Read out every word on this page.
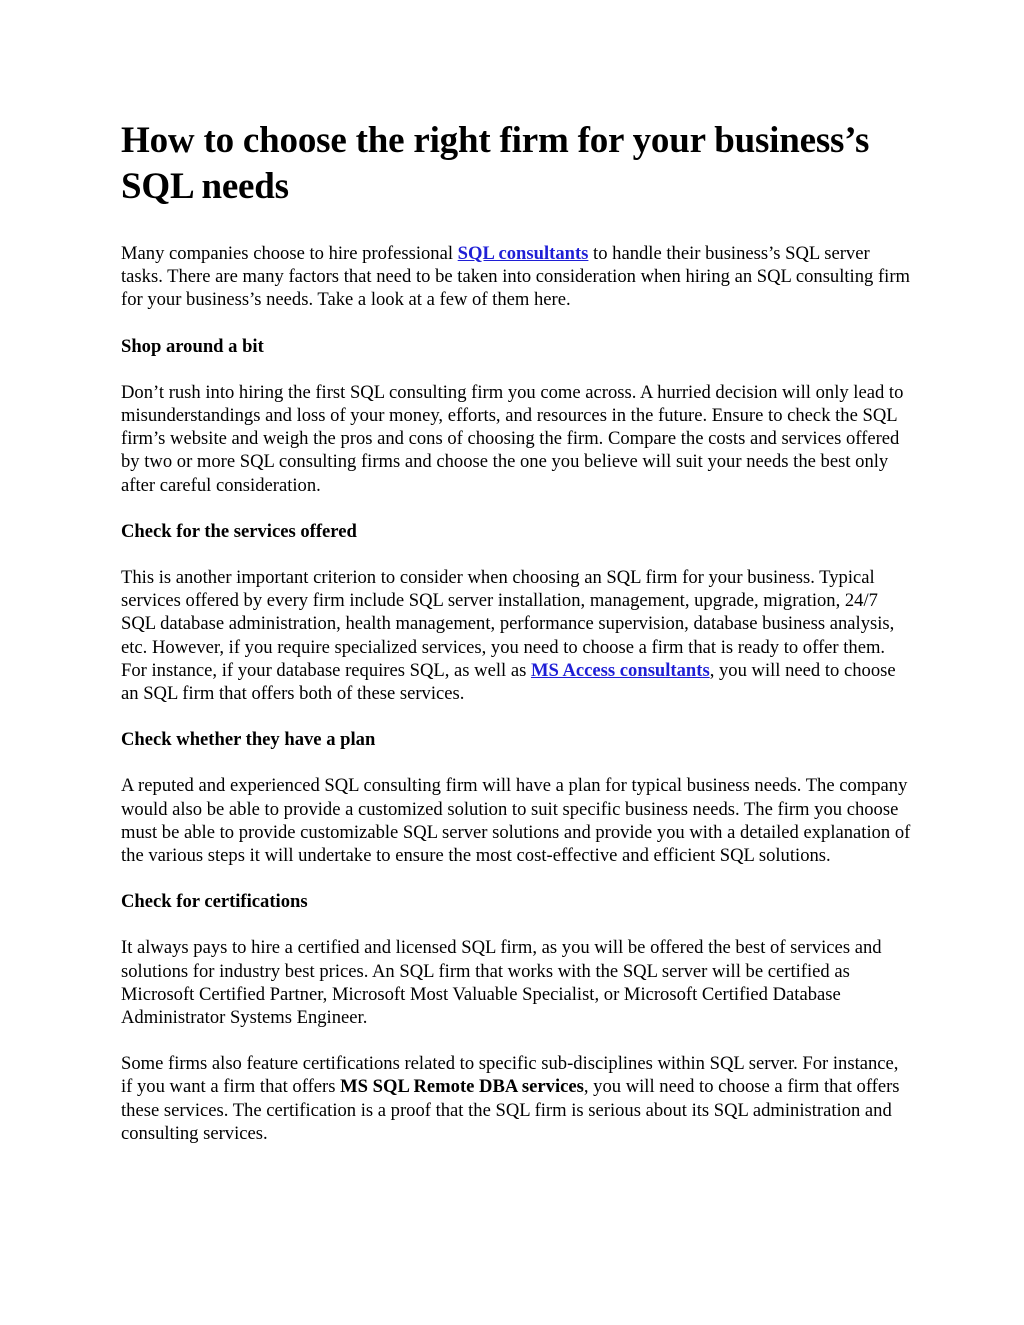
How to choose the right firm for your business’s SQL needs

Many companies choose to hire professional SQL consultants to handle their business’s SQL server tasks. There are many factors that need to be taken into consideration when hiring an SQL consulting firm for your business’s needs. Take a look at a few of them here.

Shop around a bit

Don’t rush into hiring the first SQL consulting firm you come across. A hurried decision will only lead to misunderstandings and loss of your money, efforts, and resources in the future. Ensure to check the SQL firm’s website and weigh the pros and cons of choosing the firm. Compare the costs and services offered by two or more SQL consulting firms and choose the one you believe will suit your needs the best only after careful consideration.

Check for the services offered

This is another important criterion to consider when choosing an SQL firm for your business. Typical services offered by every firm include SQL server installation, management, upgrade, migration, 24/7 SQL database administration, health management, performance supervision, database business analysis, etc. However, if you require specialized services, you need to choose a firm that is ready to offer them. For instance, if your database requires SQL, as well as MS Access consultants, you will need to choose an SQL firm that offers both of these services.

Check whether they have a plan

A reputed and experienced SQL consulting firm will have a plan for typical business needs. The company would also be able to provide a customized solution to suit specific business needs. The firm you choose must be able to provide customizable SQL server solutions and provide you with a detailed explanation of the various steps it will undertake to ensure the most cost-effective and efficient SQL solutions.

Check for certifications

It always pays to hire a certified and licensed SQL firm, as you will be offered the best of services and solutions for industry best prices. An SQL firm that works with the SQL server will be certified as Microsoft Certified Partner, Microsoft Most Valuable Specialist, or Microsoft Certified Database Administrator Systems Engineer.

Some firms also feature certifications related to specific sub-disciplines within SQL server. For instance, if you want a firm that offers MS SQL Remote DBA services, you will need to choose a firm that offers these services. The certification is a proof that the SQL firm is serious about its SQL administration and consulting services.
